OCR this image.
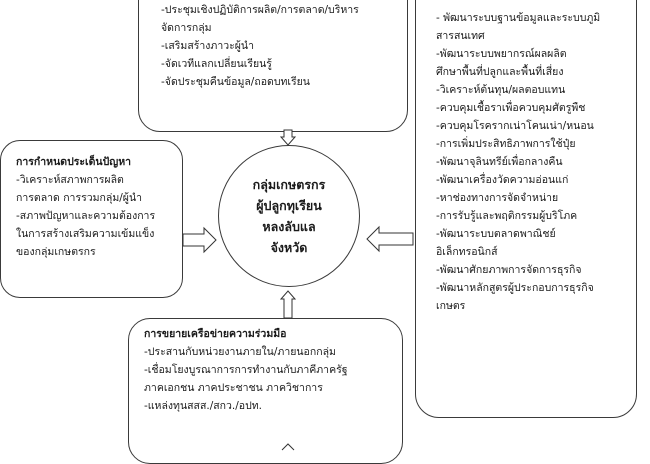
-ประชุมเชิงปฏิบัติการผลิต/การตลาด/บริหาร
จัดการกลุ่ม
-เสริมสร้างภาวะผู้นำ
-จัดเวทีแลกเปลี่ยนเรียนรู้
-จัดประชุมคืนข้อมูล/ถอดบทเรียน
การกำหนดประเด็นปัญหา
-วิเคราะห์สภาพการผลิต
การตลาด การรวมกลุ่ม/ผู้นำ
-สภาพปัญหาและความต้องการ
ในการสร้างเสริมความเข้มแข็ง
ของกลุ่มเกษตรกร
การขยายเครือข่ายความร่วมมือ
-ประสานกับหน่วยงานภายใน/ภายนอกกลุ่ม
-เชื่อมโยงบูรณาการการทำงานกับภาคีภาครัฐ
ภาคเอกชน ภาคประชาชน ภาควิชาการ
-แหล่งทุนสสส./สกว./อปท.
- พัฒนาระบบฐานข้อมูลและระบบภูมิ
สารสนเทศ
-พัฒนาระบบพยากรณ์ผลผลิต
ศึกษาพื้นที่ปลูกและพื้นที่เสี่ยง
-วิเคราะห์ต้นทุน/ผลตอบแทน
-ควบคุมเชื้อราเพื่อควบคุมศัตรูพืช
-ควบคุมโรครากเน่าโคนเน่า/หนอน
-การเพิ่มประสิทธิภาพการใช้ปุ๋ย
-พัฒนาจุลินทรีย์เพื่อกลางคืน
-พัฒนาเครื่องวัดความอ่อนแก่
-หาช่องทางการจัดจำหน่าย
-การรับรู้และพฤติกรรมผู้บริโภค
-พัฒนาระบบตลาดพาณิชย์
อิเล็กทรอนิกส์
-พัฒนาศักยภาพการจัดการธุรกิจ
-พัฒนาหลักสูตรผู้ประกอบการธุรกิจ
เกษตร
กลุ่มเกษตรกร
ผู้ปลูกทุเรียน
หลงลับแล
จังหวัด
